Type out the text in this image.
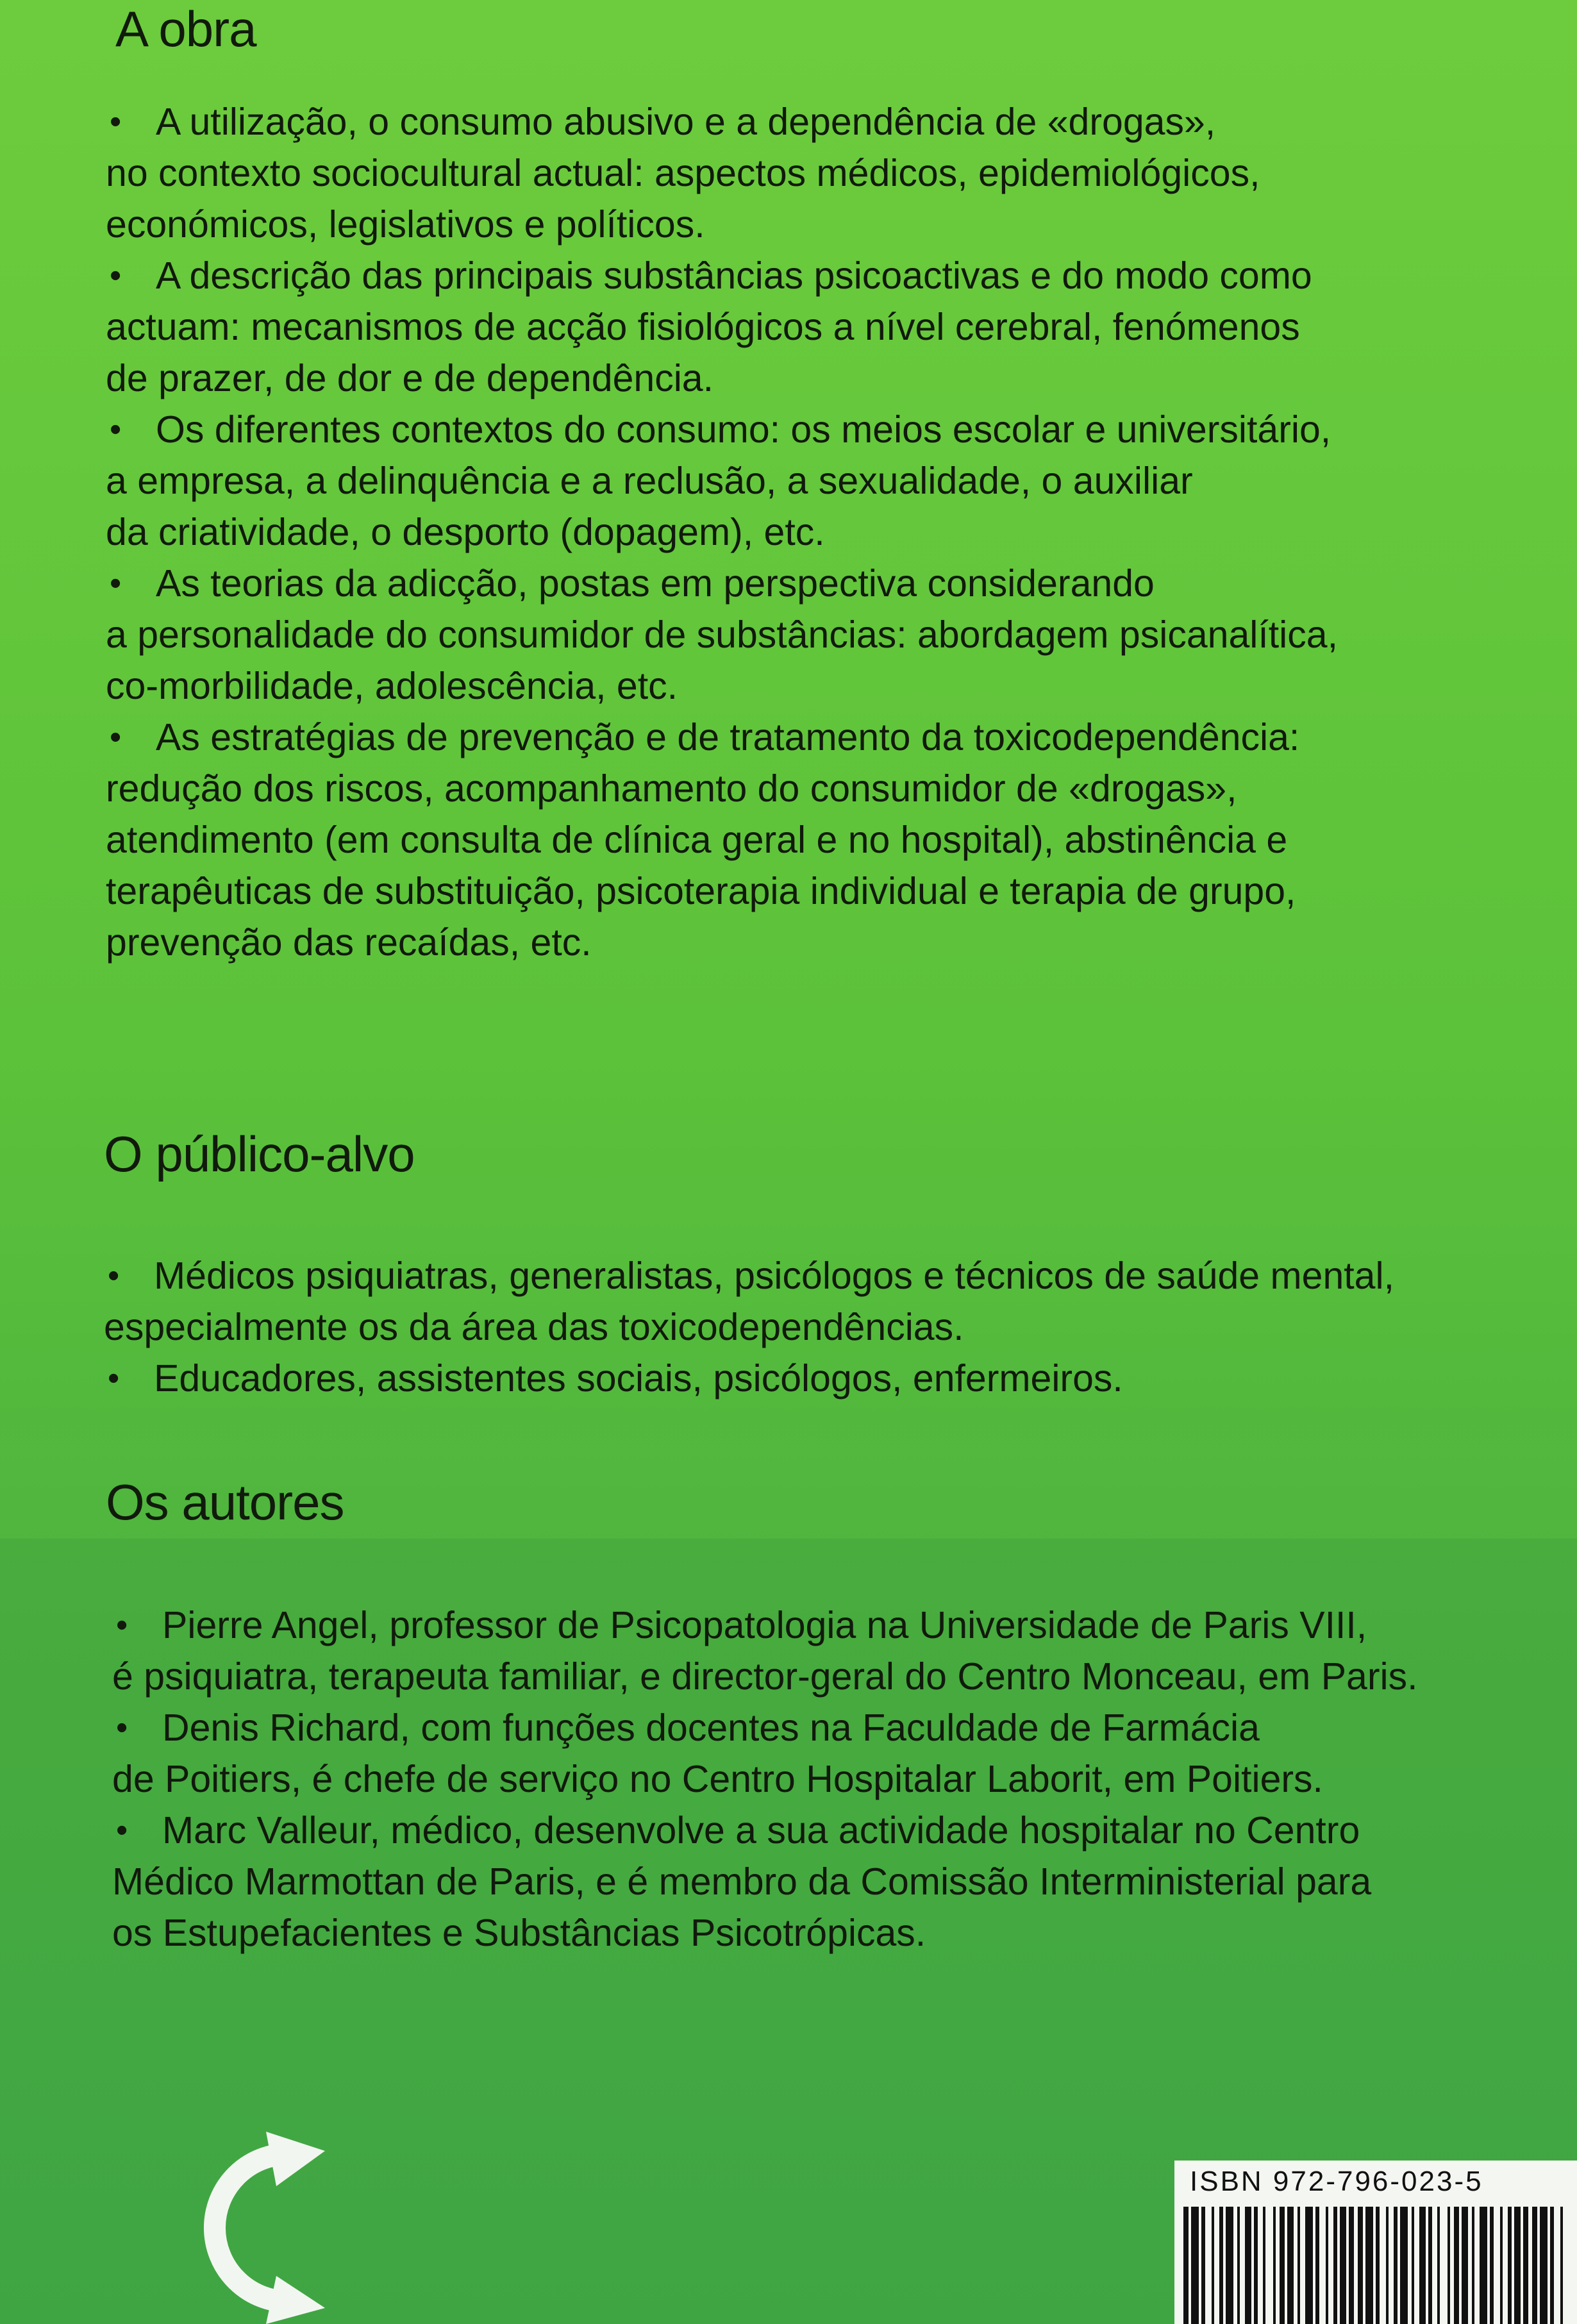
A obra
• A utilização, o consumo abusivo e a dependência de «drogas»,
no contexto sociocultural actual: aspectos médicos, epidemiológicos,
económicos, legislativos e políticos.
• A descrição das principais substâncias psicoactivas e do modo como
actuam: mecanismos de acção fisiológicos a nível cerebral, fenómenos
de prazer, de dor e de dependência.
• Os diferentes contextos do consumo: os meios escolar e universitário,
a empresa, a delinquência e a reclusão, a sexualidade, o auxiliar
da criatividade, o desporto (dopagem), etc.
• As teorias da adicção, postas em perspectiva considerando
a personalidade do consumidor de substâncias: abordagem psicanalítica,
co-morbilidade, adolescência, etc.
• As estratégias de prevenção e de tratamento da toxicodependência:
redução dos riscos, acompanhamento do consumidor de «drogas»,
atendimento (em consulta de clínica geral e no hospital), abstinência e
terapêuticas de substituição, psicoterapia individual e terapia de grupo,
prevenção das recaídas, etc.
O público-alvo
• Médicos psiquiatras, generalistas, psicólogos e técnicos de saúde mental,
especialmente os da área das toxicodependências.
• Educadores, assistentes sociais, psicólogos, enfermeiros.
Os autores
• Pierre Angel, professor de Psicopatologia na Universidade de Paris VIII,
é psiquiatra, terapeuta familiar, e director-geral do Centro Monceau, em Paris.
• Denis Richard, com funções docentes na Faculdade de Farmácia
de Poitiers, é chefe de serviço no Centro Hospitalar Laborit, em Poitiers.
• Marc Valleur, médico, desenvolve a sua actividade hospitalar no Centro
Médico Marmottan de Paris, e é membro da Comissão Interministerial para
os Estupefacientes e Substâncias Psicotrópicas.
ISBN 972-796-023-5
